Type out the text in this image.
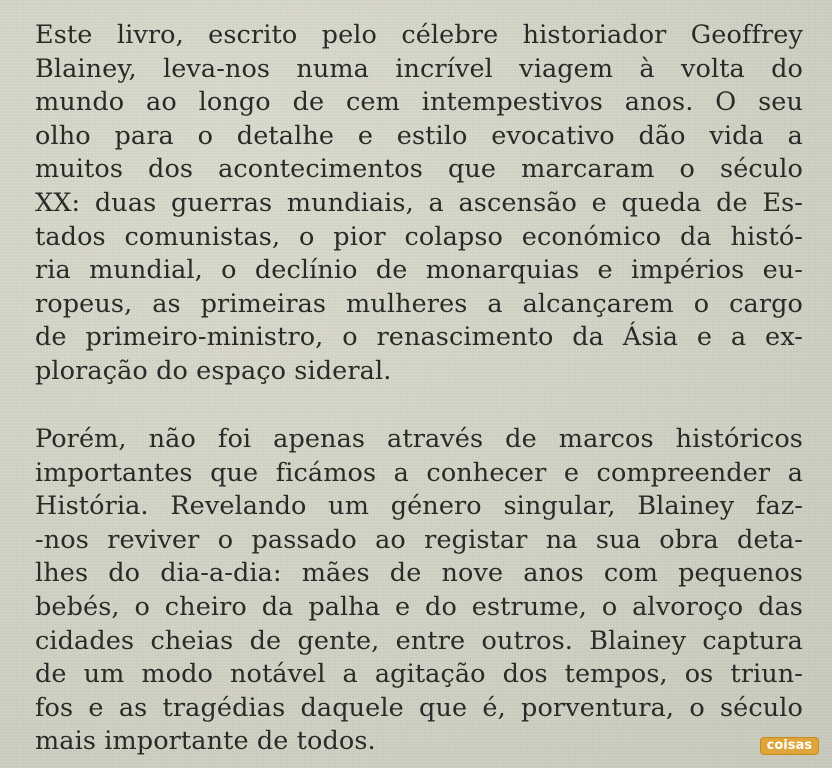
Este livro, escrito pelo célebre historiador Geoffrey
Blainey, leva-nos numa incrível viagem à volta do
mundo ao longo de cem intempestivos anos. O seu
olho para o detalhe e estilo evocativo dão vida a
muitos dos acontecimentos que marcaram o século
XX: duas guerras mundiais, a ascensão e queda de Es-
tados comunistas, o pior colapso económico da histó-
ria mundial, o declínio de monarquias e impérios eu-
ropeus, as primeiras mulheres a alcançarem o cargo
de primeiro-ministro, o renascimento da Ásia e a ex-
ploração do espaço sideral.
Porém, não foi apenas através de marcos históricos
importantes que ficámos a conhecer e compreender a
História. Revelando um género singular, Blainey faz-
-nos reviver o passado ao registar na sua obra deta-
lhes do dia-a-dia: mães de nove anos com pequenos
bebés, o cheiro da palha e do estrume, o alvoroço das
cidades cheias de gente, entre outros. Blainey captura
de um modo notável a agitação dos tempos, os triun-
fos e as tragédias daquele que é, porventura, o século
mais importante de todos.	coisas
